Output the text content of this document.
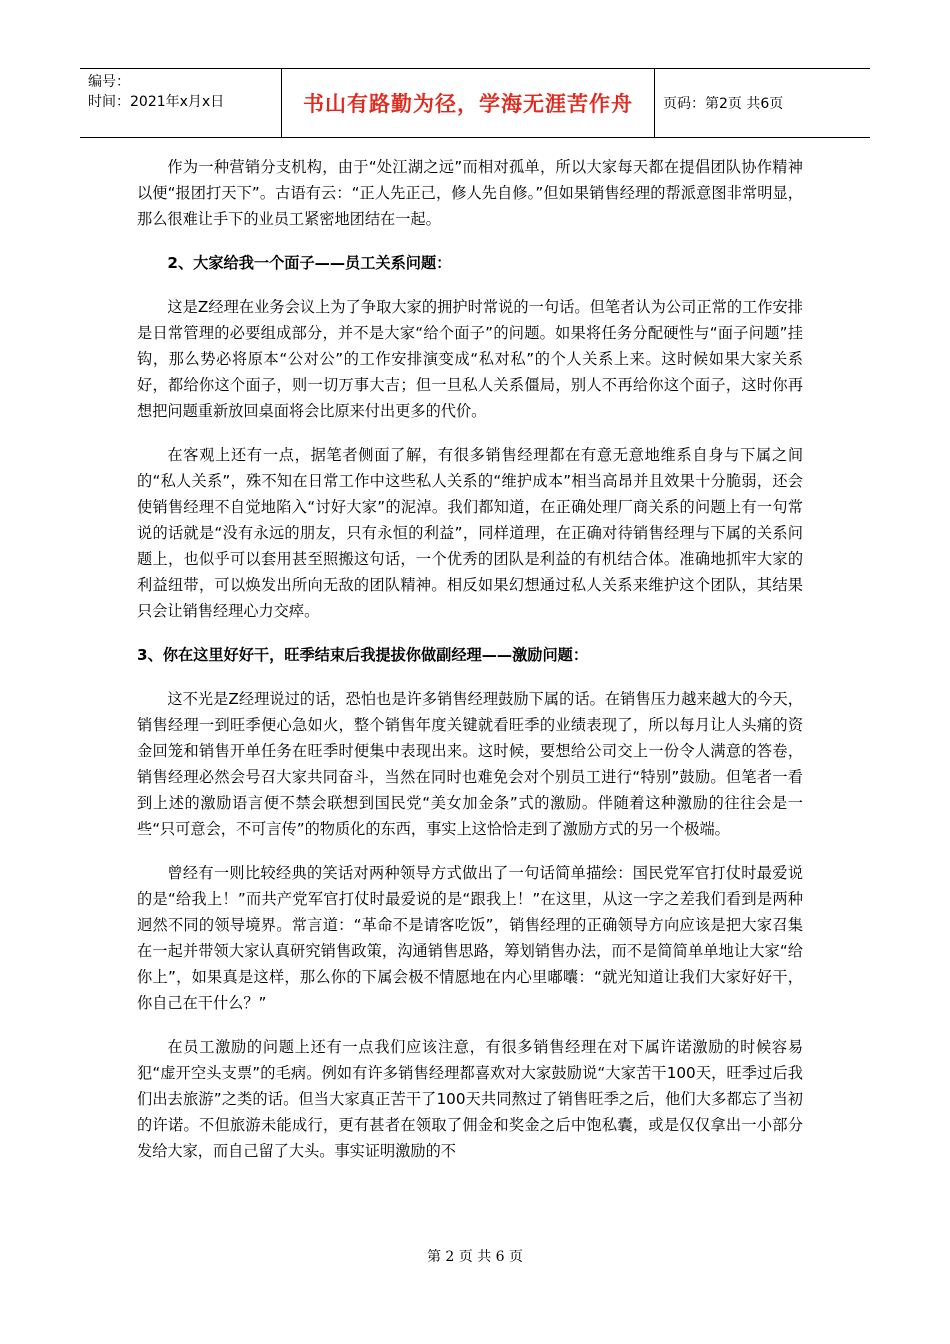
编号：
时间：2021年x月x日	书山有路勤为径，学海无涯苦作舟	页码：第2页 共6页

作为一种营销分支机构，由于“处江湖之远”而相对孤单，所以大家每天都在提倡团队协作精神以便“报团打天下”。古语有云：“正人先正己，修人先自修。”但如果销售经理的帮派意图非常明显，那么很难让手下的业员工紧密地团结在一起。

2、大家给我一个面子——员工关系问题：

这是Z经理在业务会议上为了争取大家的拥护时常说的一句话。但笔者认为公司正常的工作安排是日常管理的必要组成部分，并不是大家“给个面子”的问题。如果将任务分配硬性与“面子问题”挂钩，那么势必将原本“公对公”的工作安排演变成“私对私”的个人关系上来。这时候如果大家关系好，都给你这个面子，则一切万事大吉；但一旦私人关系僵局，别人不再给你这个面子，这时你再想把问题重新放回桌面将会比原来付出更多的代价。

在客观上还有一点，据笔者侧面了解，有很多销售经理都在有意无意地维系自身与下属之间的“私人关系”，殊不知在日常工作中这些私人关系的“维护成本”相当高昂并且效果十分脆弱，还会使销售经理不自觉地陷入“讨好大家”的泥淖。我们都知道，在正确处理厂商关系的问题上有一句常说的话就是“没有永远的朋友，只有永恒的利益”，同样道理，在正确对待销售经理与下属的关系问题上，也似乎可以套用甚至照搬这句话，一个优秀的团队是利益的有机结合体。准确地抓牢大家的利益纽带，可以焕发出所向无敌的团队精神。相反如果幻想通过私人关系来维护这个团队，其结果只会让销售经理心力交瘁。

3、你在这里好好干，旺季结束后我提拔你做副经理——激励问题：

这不光是Z经理说过的话，恐怕也是许多销售经理鼓励下属的话。在销售压力越来越大的今天，销售经理一到旺季便心急如火，整个销售年度关键就看旺季的业绩表现了，所以每月让人头痛的资金回笼和销售开单任务在旺季时便集中表现出来。这时候，要想给公司交上一份令人满意的答卷，销售经理必然会号召大家共同奋斗，当然在同时也难免会对个别员工进行“特别”鼓励。但笔者一看到上述的激励语言便不禁会联想到国民党“美女加金条”式的激励。伴随着这种激励的往往会是一些“只可意会，不可言传”的物质化的东西，事实上这恰恰走到了激励方式的另一个极端。

曾经有一则比较经典的笑话对两种领导方式做出了一句话简单描绘：国民党军官打仗时最爱说的是“给我上！”而共产党军官打仗时最爱说的是“跟我上！”在这里，从这一字之差我们看到是两种迥然不同的领导境界。常言道：“革命不是请客吃饭”，销售经理的正确领导方向应该是把大家召集在一起并带领大家认真研究销售政策，沟通销售思路，筹划销售办法，而不是简简单单地让大家“给你上”，如果真是这样，那么你的下属会极不情愿地在内心里嘟囔：“就光知道让我们大家好好干，你自己在干什么？”

在员工激励的问题上还有一点我们应该注意，有很多销售经理在对下属许诺激励的时候容易犯“虚开空头支票”的毛病。例如有许多销售经理都喜欢对大家鼓励说“大家苦干100天，旺季过后我们出去旅游”之类的话。但当大家真正苦干了100天共同熬过了销售旺季之后，他们大多都忘了当初的许诺。不但旅游未能成行，更有甚者在领取了佣金和奖金之后中饱私囊，或是仅仅拿出一小部分发给大家，而自己留了大头。事实证明激励的不

第 2 页 共 6 页
